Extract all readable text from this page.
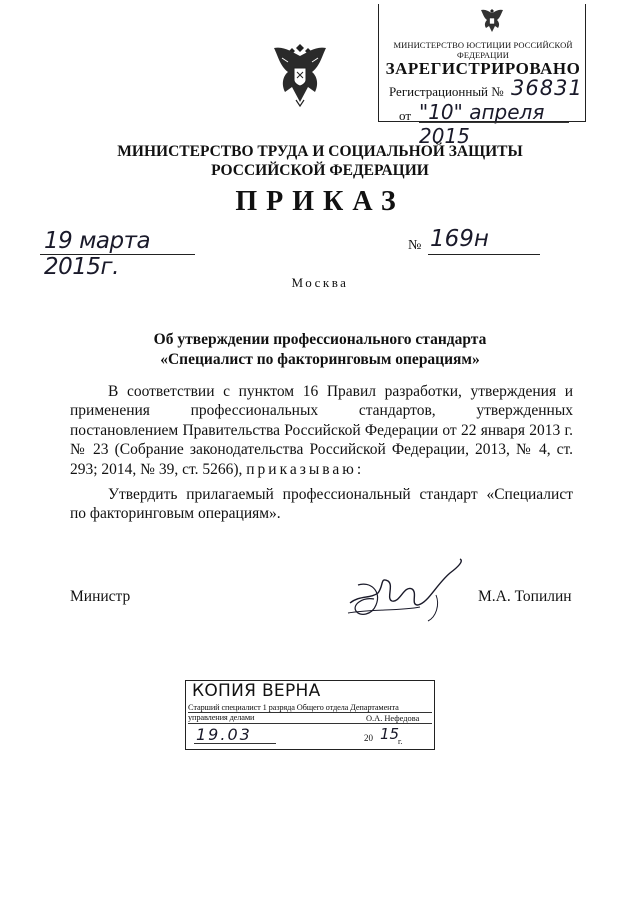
МИНИСТЕРСТВО ЮСТИЦИИ РОССИЙСКОЙ ФЕДЕРАЦИИ
ЗАРЕГИСТРИРОВАНО
Регистрационный № 36831
от "10" апреля 2015
МИНИСТЕРСТВО ТРУДА И СОЦИАЛЬНОЙ ЗАЩИТЫ
РОССИЙСКОЙ ФЕДЕРАЦИИ
ПРИКАЗ
19 марта 2015г.
№ 169н
Москва
Об утверждении профессионального стандарта
«Специалист по факторинговым операциям»
В соответствии с пунктом 16 Правил разработки, утверждения и применения профессиональных стандартов, утвержденных постановлением Правительства Российской Федерации от 22 января 2013 г. № 23 (Собрание законодательства Российской Федерации, 2013, № 4, ст. 293; 2014, № 39, ст. 5266), приказываю:
Утвердить прилагаемый профессиональный стандарт «Специалист по факторинговым операциям».
Министр	М.А. Топилин
КОПИЯ ВЕРНА
Старший специалист 1 разряда Общего отдела Департамента управления делами	О.А. Нефедова
19.03	20 15
г.
